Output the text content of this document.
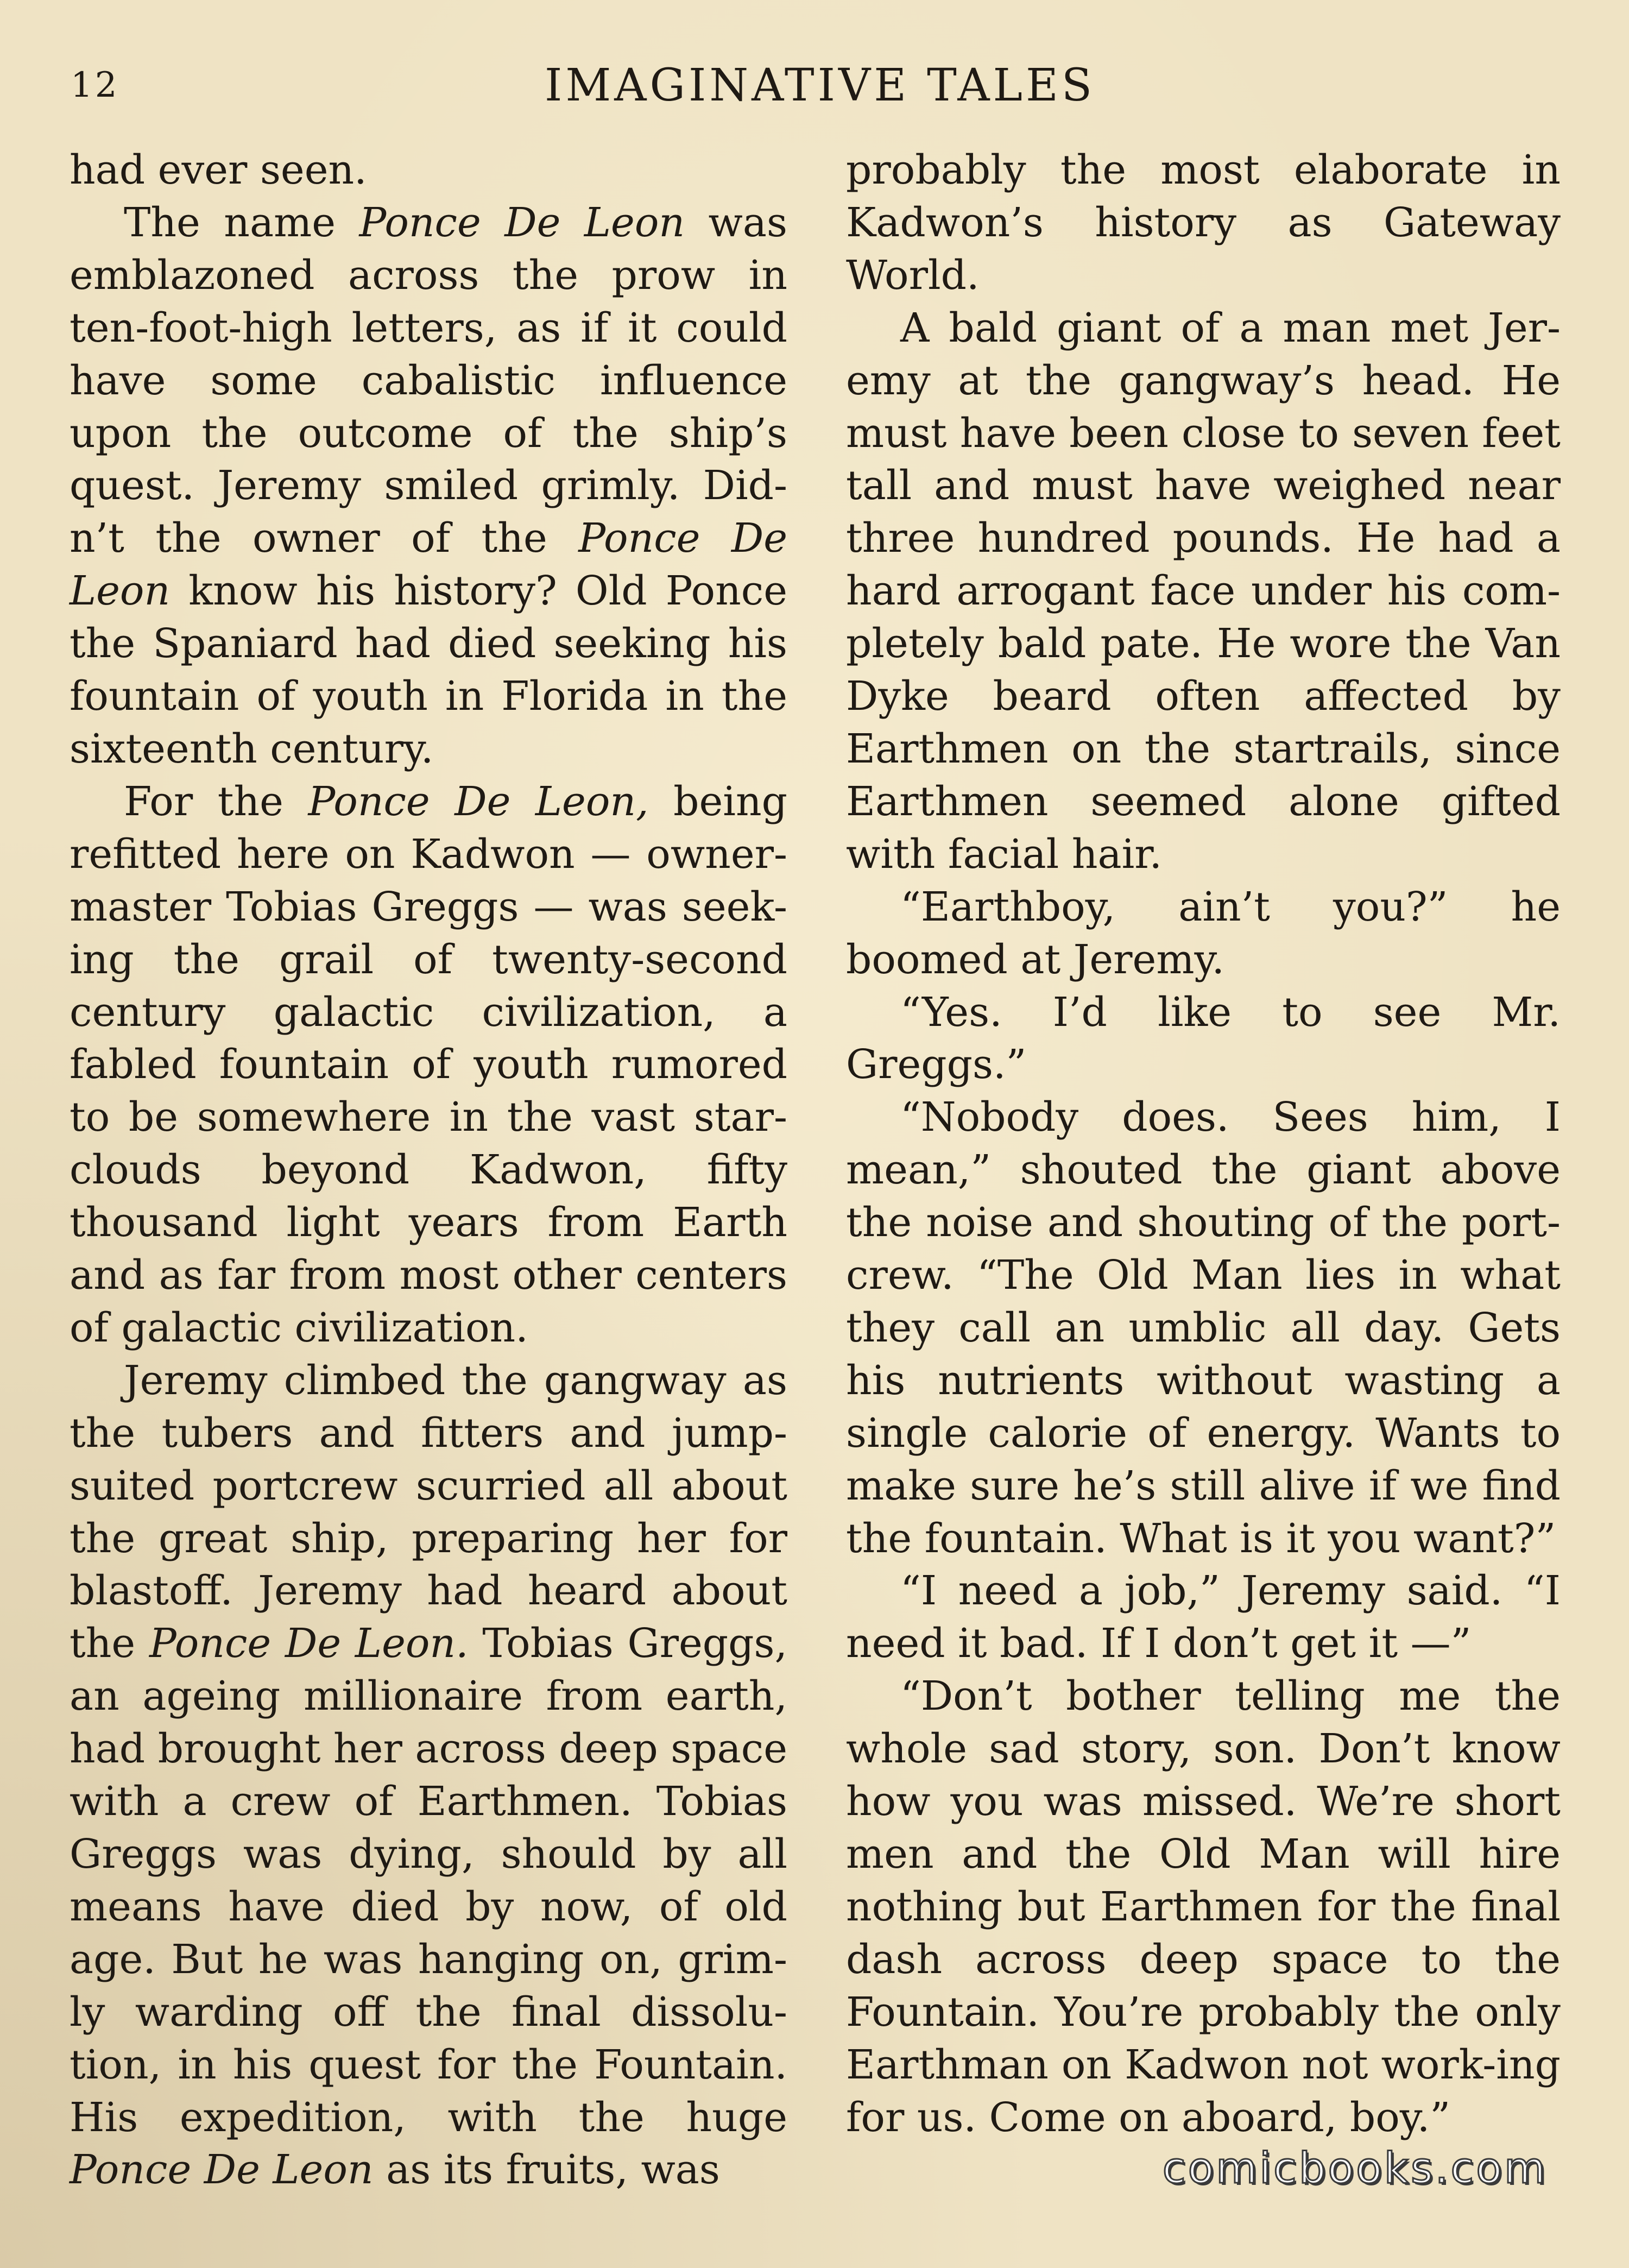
12	IMAGINATIVE TALES

had ever seen.

The name Ponce De Leon was emblazoned across the prow in ten-foot-high letters, as if it could have some cabalistic influence upon the outcome of the ship’s quest. Jeremy smiled grimly. Did-n’t the owner of the Ponce De Leon know his history? Old Ponce the Spaniard had died seeking his fountain of youth in Florida in the sixteenth century.

For the Ponce De Leon, being refitted here on Kadwon — owner-master Tobias Greggs — was seek-ing the grail of twenty-second century galactic civilization, a fabled fountain of youth rumored to be somewhere in the vast star-clouds beyond Kadwon, fifty thousand light years from Earth and as far from most other centers of galactic civilization.

Jeremy climbed the gangway as the tubers and fitters and jump-suited portcrew scurried all about the great ship, preparing her for blastoff. Jeremy had heard about the Ponce De Leon. Tobias Greggs, an ageing millionaire from earth, had brought her across deep space with a crew of Earthmen. Tobias Greggs was dying, should by all means have died by now, of old age. But he was hanging on, grim-ly warding off the final dissolu-tion, in his quest for the Fountain. His expedition, with the huge Ponce De Leon as its fruits, was

probably the most elaborate in Kadwon’s history as Gateway World.

A bald giant of a man met Jer-emy at the gangway’s head. He must have been close to seven feet tall and must have weighed near three hundred pounds. He had a hard arrogant face under his com-pletely bald pate. He wore the Van Dyke beard often affected by Earthmen on the startrails, since Earthmen seemed alone gifted with facial hair.

“Earthboy, ain’t you?” he boomed at Jeremy.

“Yes. I’d like to see Mr. Greggs.”

“Nobody does. Sees him, I mean,” shouted the giant above the noise and shouting of the port-crew. “The Old Man lies in what they call an umblic all day. Gets his nutrients without wasting a single calorie of energy. Wants to make sure he’s still alive if we find the fountain. What is it you want?”

“I need a job,” Jeremy said. “I need it bad. If I don’t get it —”

“Don’t bother telling me the whole sad story, son. Don’t know how you was missed. We’re short men and the Old Man will hire nothing but Earthmen for the final dash across deep space to the Fountain. You’re probably the only Earthman on Kadwon not work-ing for us. Come on aboard, boy.”

comicbooks.com
